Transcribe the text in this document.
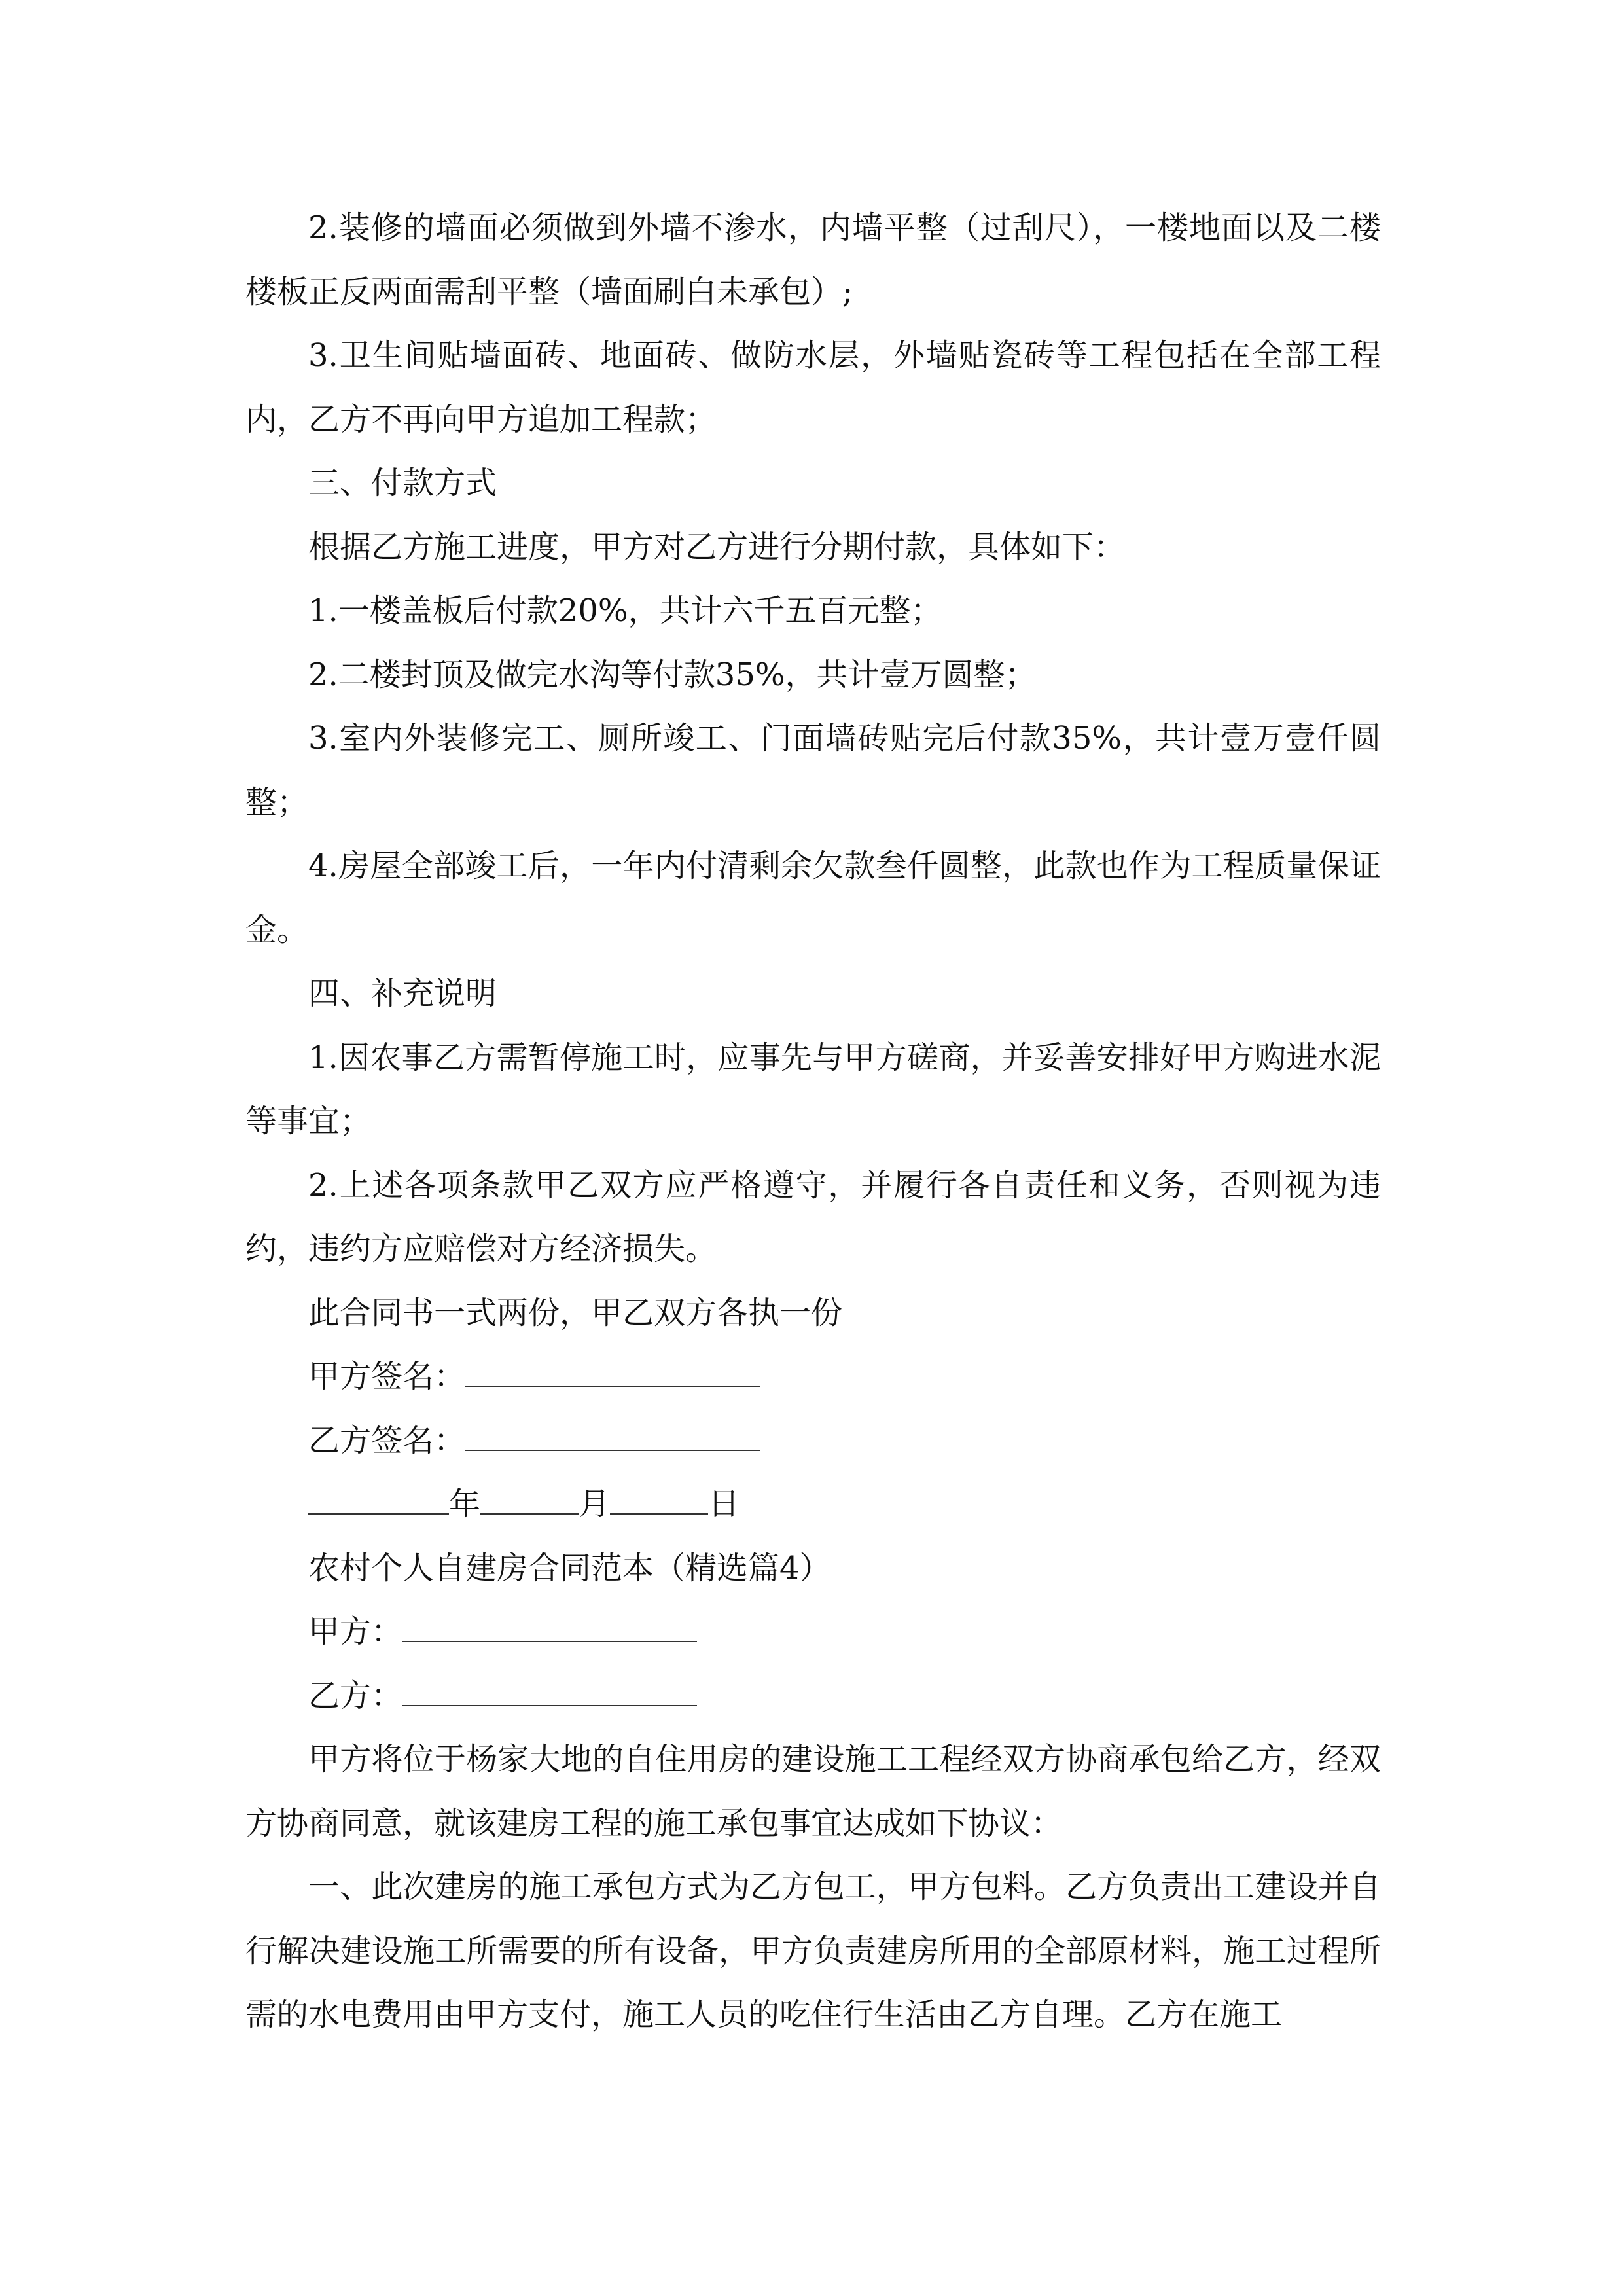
2.装修的墙面必须做到外墙不渗水，内墙平整（过刮尺），一楼地面以及二楼楼板正反两面需刮平整（墙面刷白未承包）;

3.卫生间贴墙面砖、地面砖、做防水层，外墙贴瓷砖等工程包括在全部工程内，乙方不再向甲方追加工程款；

三、付款方式

根据乙方施工进度，甲方对乙方进行分期付款，具体如下：

1.一楼盖板后付款20%，共计六千五百元整；

2.二楼封顶及做完水沟等付款35%，共计壹万圆整；

3.室内外装修完工、厕所竣工、门面墙砖贴完后付款35%，共计壹万壹仟圆整；

4.房屋全部竣工后，一年内付清剩余欠款叁仟圆整，此款也作为工程质量保证金。

四、补充说明

1.因农事乙方需暂停施工时，应事先与甲方磋商，并妥善安排好甲方购进水泥等事宜；

2.上述各项条款甲乙双方应严格遵守，并履行各自责任和义务，否则视为违约，违约方应赔偿对方经济损失。

此合同书一式两份，甲乙双方各执一份

甲方签名：

乙方签名：

年	月	日

农村个人自建房合同范本（精选篇4）

甲方：

乙方：

甲方将位于杨家大地的自住用房的建设施工工程经双方协商承包给乙方，经双方协商同意，就该建房工程的施工承包事宜达成如下协议：

一、此次建房的施工承包方式为乙方包工，甲方包料。乙方负责出工建设并自行解决建设施工所需要的所有设备，甲方负责建房所用的全部原材料，施工过程所需的水电费用由甲方支付，施工人员的吃住行生活由乙方自理。乙方在施工
